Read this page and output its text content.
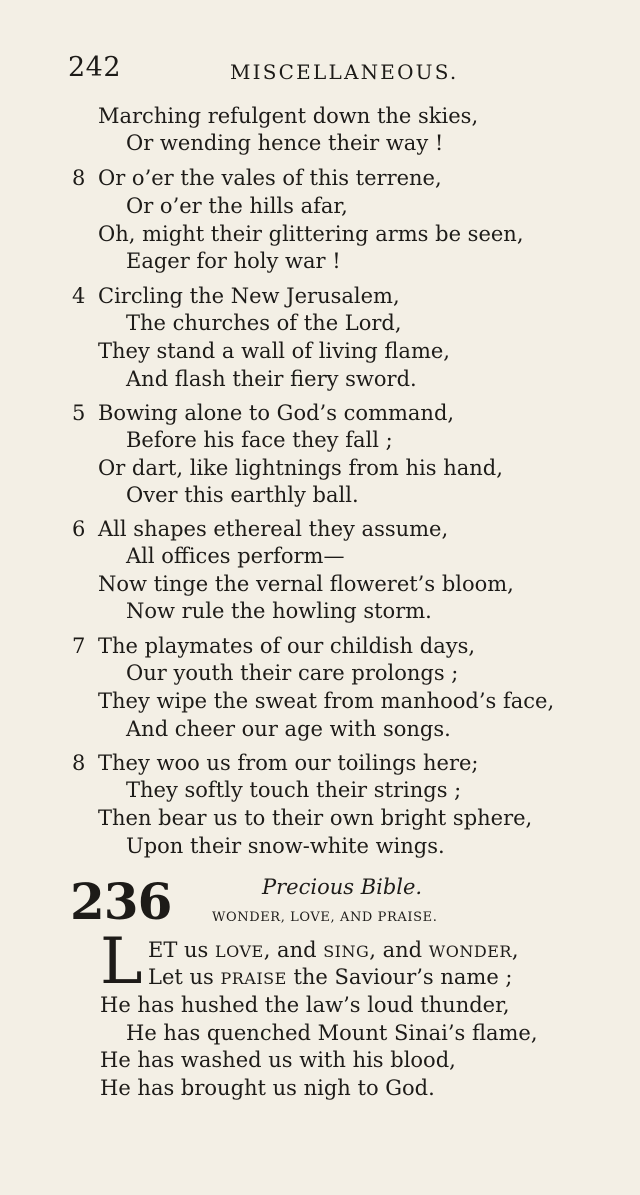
242	MISCELLANEOUS.
Marching refulgent down the skies,
Or wending hence their way !
8 Or o’er the vales of this terrene,
Or o’er the hills afar,
Oh, might their glittering arms be seen,
Eager for holy war !
4 Circling the New Jerusalem,
The churches of the Lord,
They stand a wall of living flame,
And flash their fiery sword.
5 Bowing alone to God’s command,
Before his face they fall ;
Or dart, like lightnings from his hand,
Over this earthly ball.
6 All shapes ethereal they assume,
All offices perform—
Now tinge the vernal floweret’s bloom,
Now rule the howling storm.
7 The playmates of our childish days,
Our youth their care prolongs ;
They wipe the sweat from manhood’s face,
And cheer our age with songs.
8 They woo us from our toilings here;
They softly touch their strings ;
Then bear us to their own bright sphere,
Upon their snow-white wings.
236	Precious Bible.
WONDER, LOVE, AND PRAISE.
L ET us LOVE, and SING, and WONDER,
Let us PRAISE the Saviour’s name ;
He has hushed the law’s loud thunder,
He has quenched Mount Sinai’s flame,
He has washed us with his blood,
He has brought us nigh to God.
